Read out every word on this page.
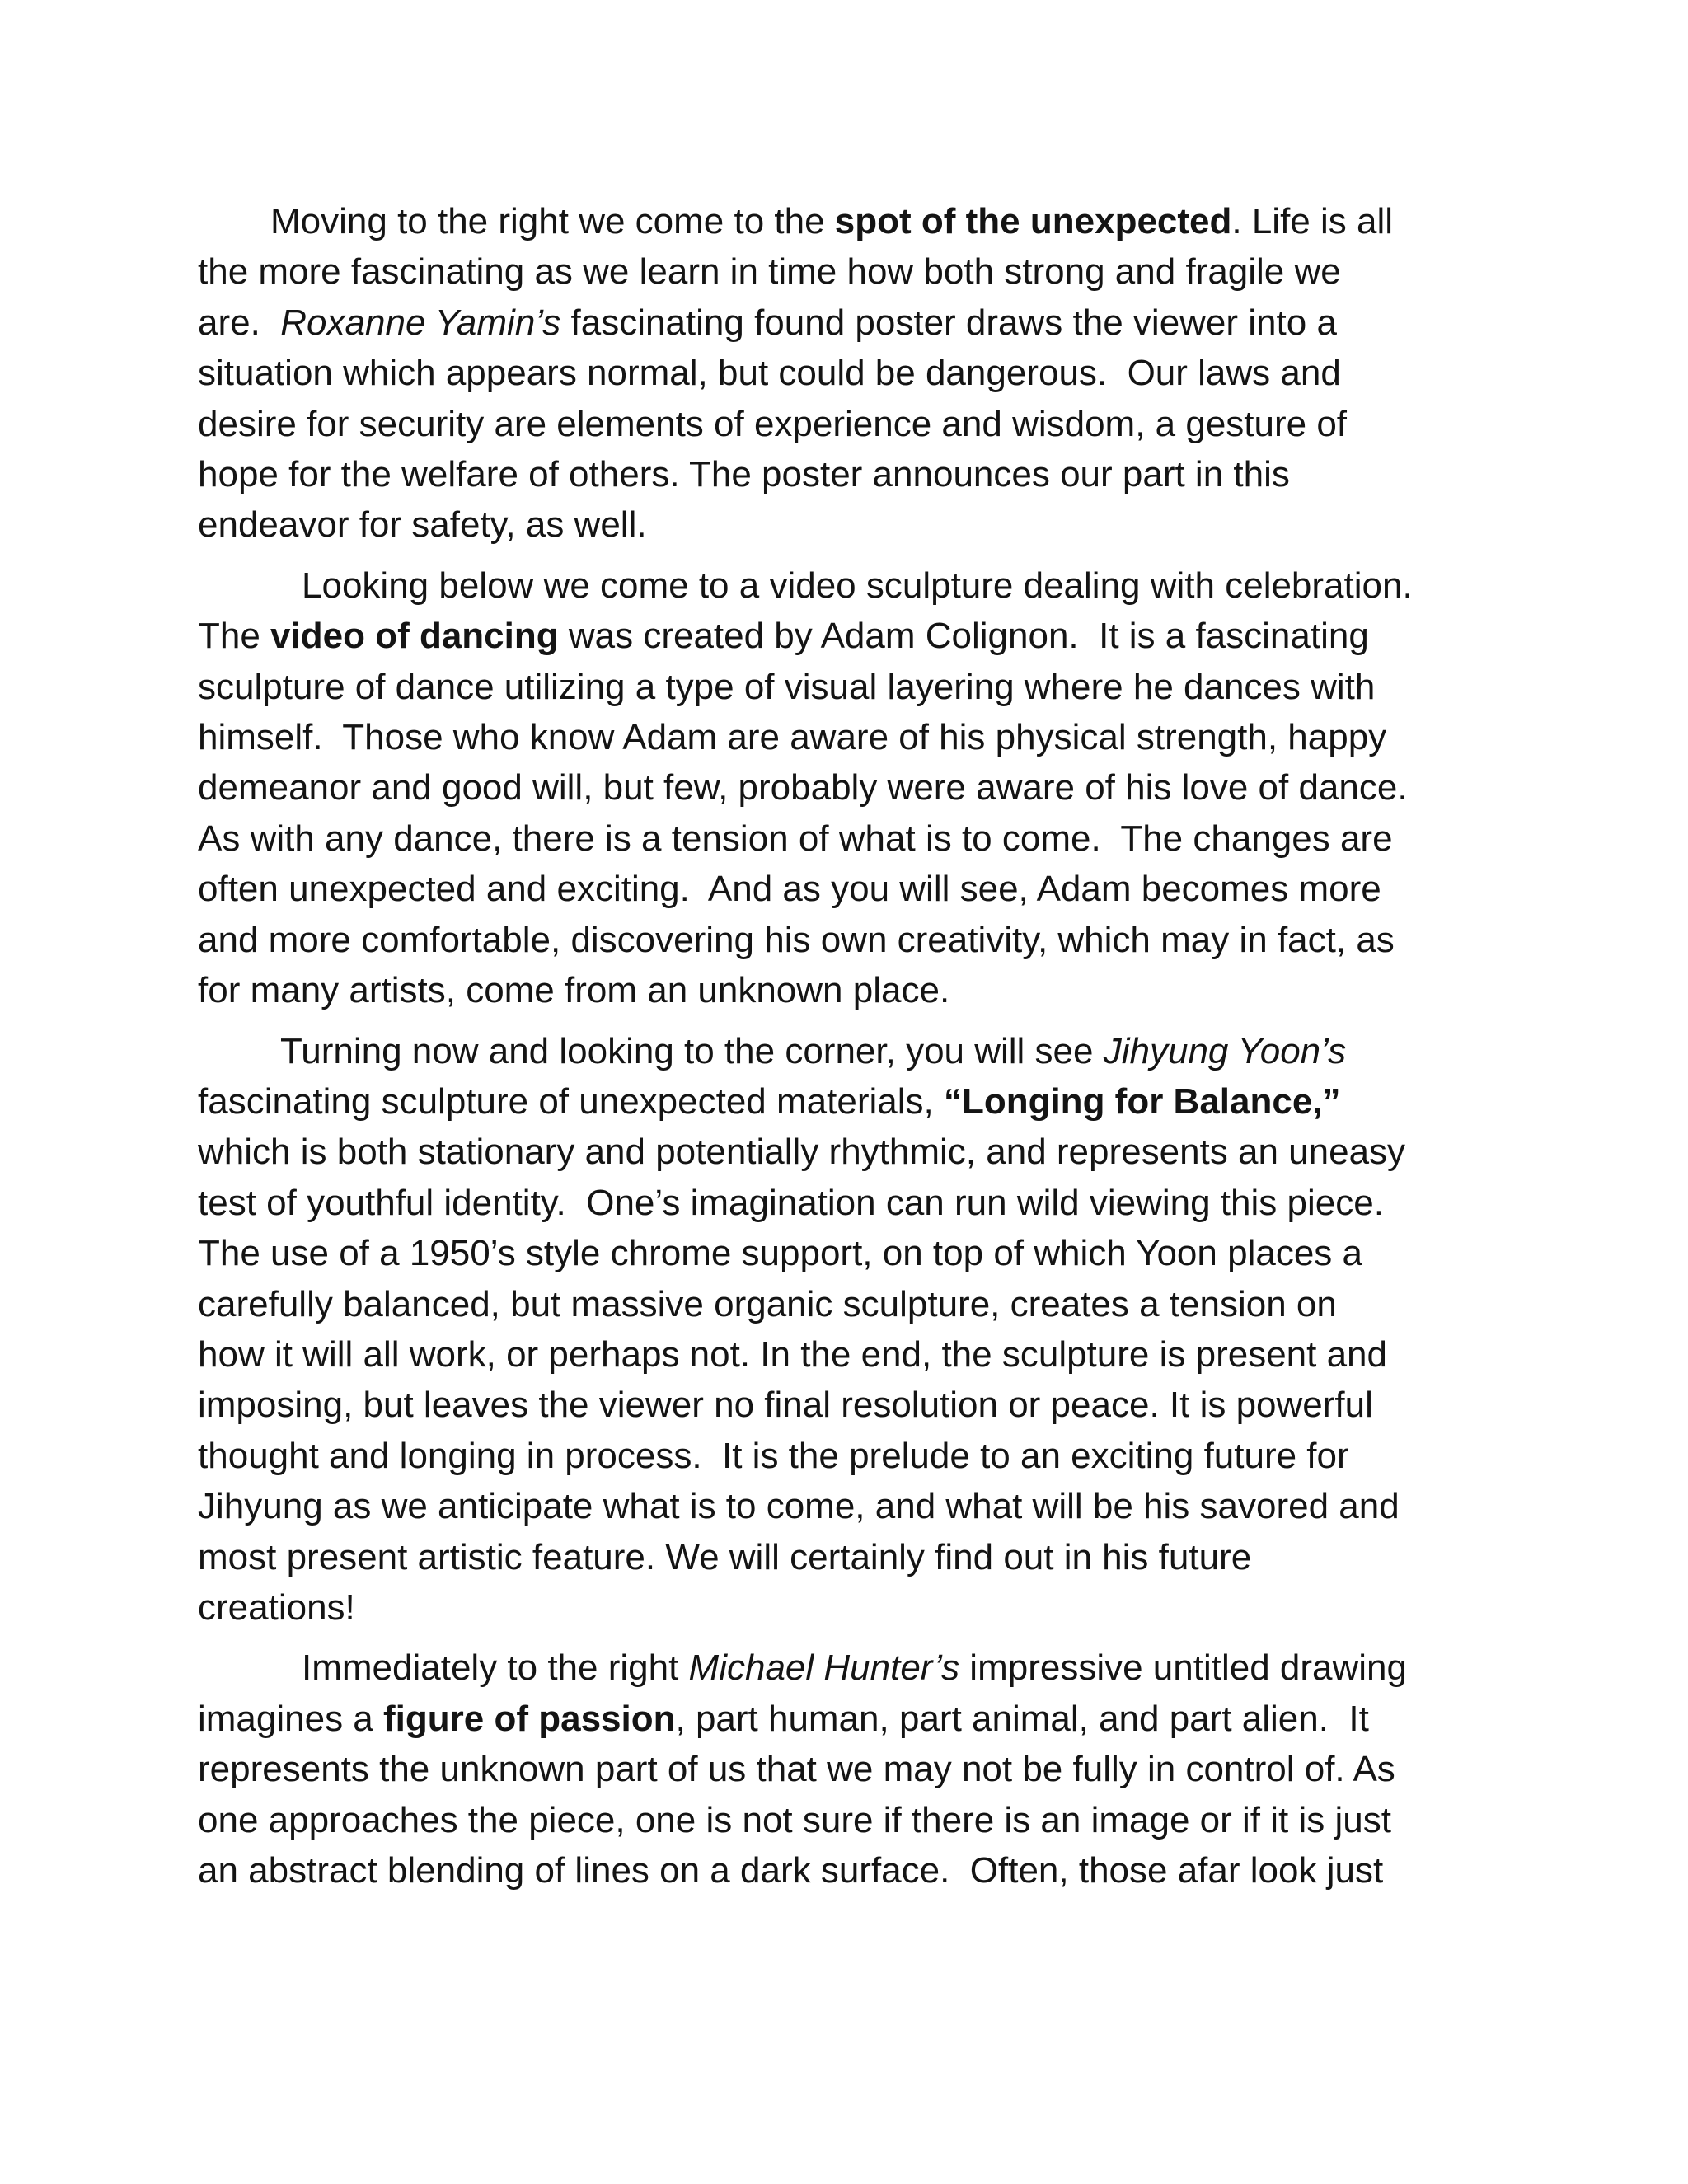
Moving to the right we come to the spot of the unexpected. Life is all
the more fascinating as we learn in time how both strong and fragile we
are.  Roxanne Yamin’s fascinating found poster draws the viewer into a
situation which appears normal, but could be dangerous.  Our laws and
desire for security are elements of experience and wisdom, a gesture of
hope for the welfare of others. The poster announces our part in this
endeavor for safety, as well.

Looking below we come to a video sculpture dealing with celebration.
The video of dancing was created by Adam Colignon.  It is a fascinating
sculpture of dance utilizing a type of visual layering where he dances with
himself.  Those who know Adam are aware of his physical strength, happy
demeanor and good will, but few, probably were aware of his love of dance.
As with any dance, there is a tension of what is to come.  The changes are
often unexpected and exciting.  And as you will see, Adam becomes more
and more comfortable, discovering his own creativity, which may in fact, as
for many artists, come from an unknown place.

Turning now and looking to the corner, you will see Jihyung Yoon’s
fascinating sculpture of unexpected materials, “Longing for Balance,”
which is both stationary and potentially rhythmic, and represents an uneasy
test of youthful identity.  One’s imagination can run wild viewing this piece.
The use of a 1950’s style chrome support, on top of which Yoon places a
carefully balanced, but massive organic sculpture, creates a tension on
how it will all work, or perhaps not. In the end, the sculpture is present and
imposing, but leaves the viewer no final resolution or peace. It is powerful
thought and longing in process.  It is the prelude to an exciting future for
Jihyung as we anticipate what is to come, and what will be his savored and
most present artistic feature. We will certainly find out in his future
creations!

Immediately to the right Michael Hunter’s impressive untitled drawing
imagines a figure of passion, part human, part animal, and part alien.  It
represents the unknown part of us that we may not be fully in control of. As
one approaches the piece, one is not sure if there is an image or if it is just
an abstract blending of lines on a dark surface.  Often, those afar look just
